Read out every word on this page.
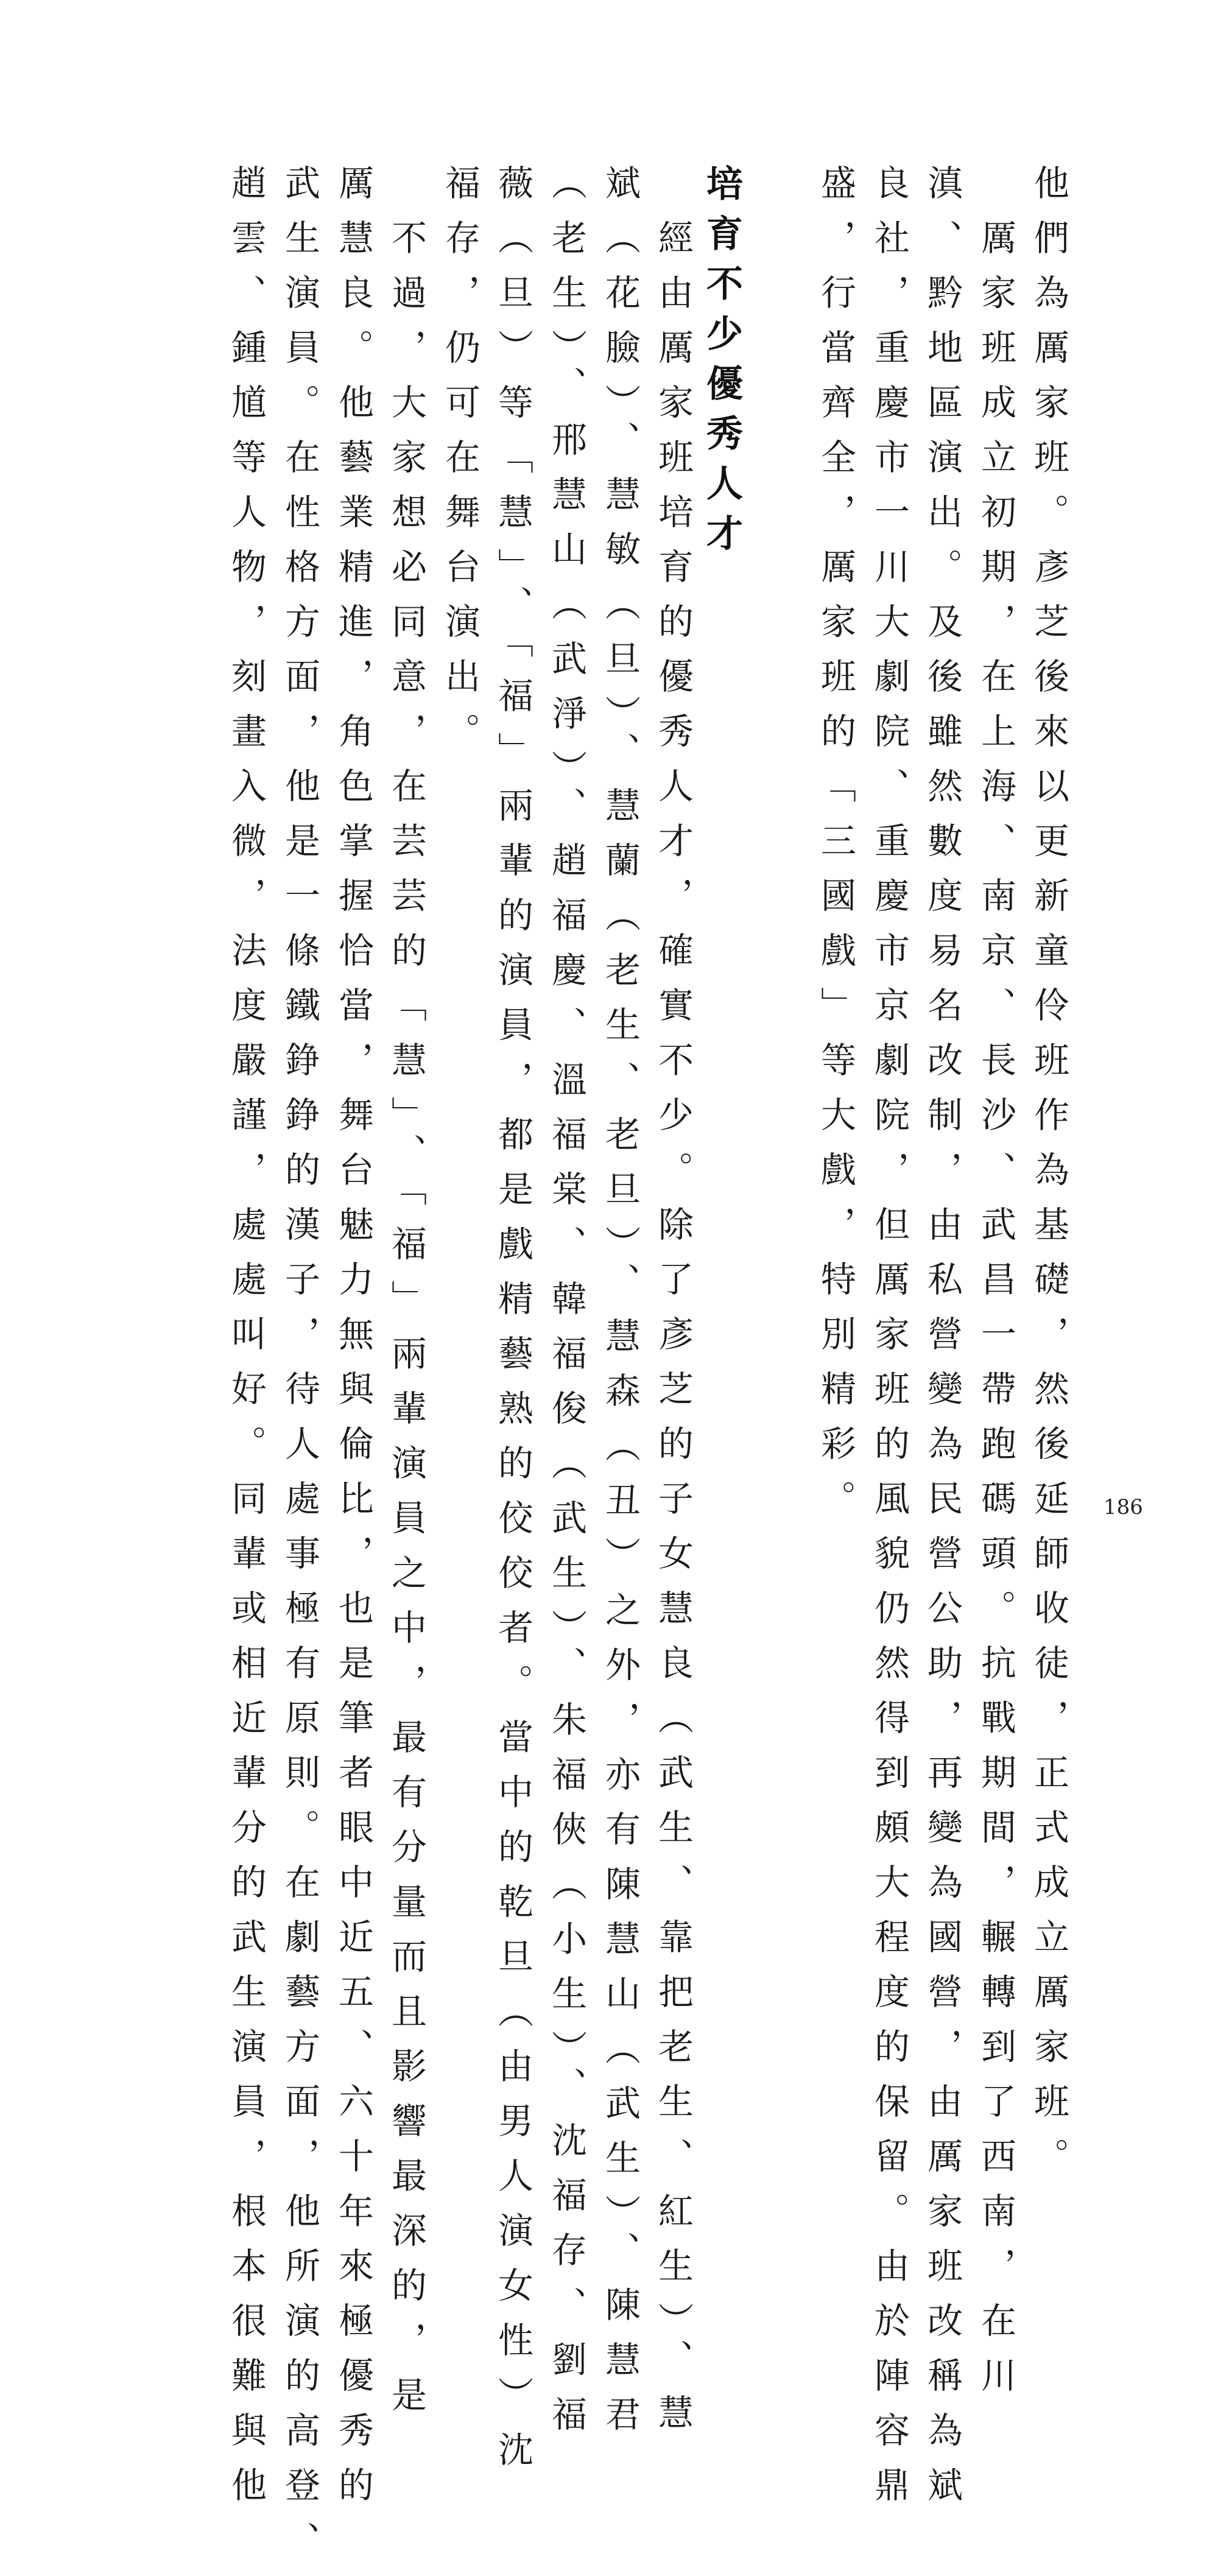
他們為厲家班。彥芝後來以更新童伶班作為基礎，然後延師收徒，正式成立厲家班。
厲家班成立初期，在上海、南京、長沙、武昌一帶跑碼頭。抗戰期間，輾轉到了西南，在川
滇、黔地區演出。及後雖然數度易名改制，由私營變為民營公助，再變為國營，由厲家班改稱為斌
良社，重慶市一川大劇院、重慶市京劇院，但厲家班的風貌仍然得到頗大程度的保留。由於陣容鼎
盛，行當齊全，厲家班的「三國戲」等大戲，特別精彩。
培育不少優秀人才
經由厲家班培育的優秀人才，確實不少。除了彥芝的子女慧良（武生、靠把老生、紅生）、慧
斌（花臉）、慧敏（旦）、慧蘭（老生、老旦）、慧森（丑）之外，亦有陳慧山（武生）、陳慧君
（老生）、邢慧山（武淨）、趙福慶、溫福棠、韓福俊（武生）、朱福俠（小生）、沈福存、劉福
薇（旦）等「慧」、「福」兩輩的演員，都是戲精藝熟的佼佼者。當中的乾旦（由男人演女性）沈
福存，仍可在舞台演出。
不過，大家想必同意，在芸芸的「慧」、「福」兩輩演員之中，最有分量而且影響最深的，是
厲慧良。他藝業精進，角色掌握恰當，舞台魅力無與倫比，也是筆者眼中近五、六十年來極優秀的
武生演員。在性格方面，他是一條鐵錚錚的漢子，待人處事極有原則。在劇藝方面，他所演的高登、
趙雲、鍾馗等人物，刻畫入微，法度嚴謹，處處叫好。同輩或相近輩分的武生演員，根本很難與他	186
